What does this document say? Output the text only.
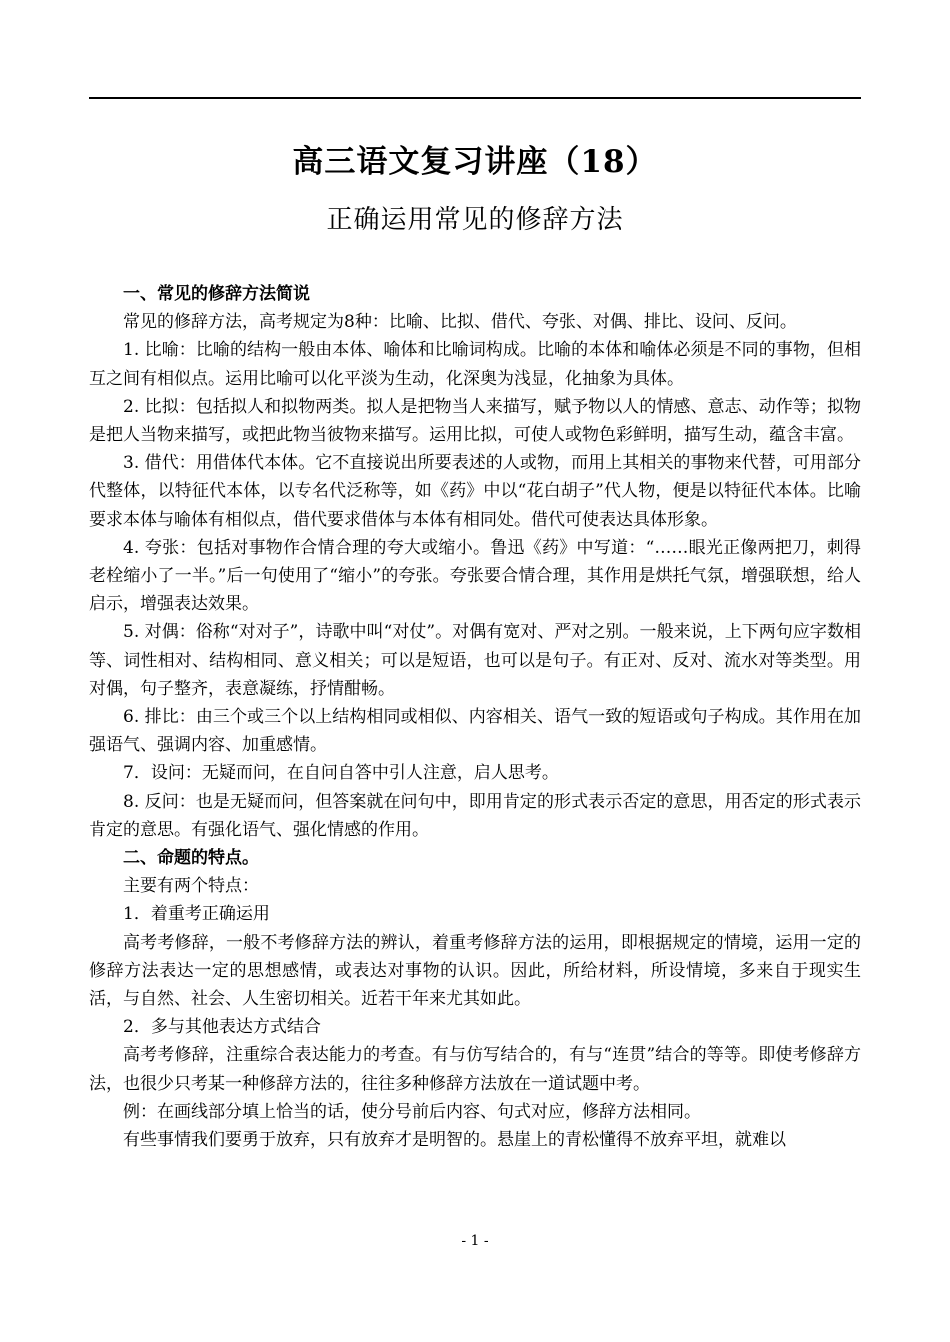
高三语文复习讲座（18）
正确运用常见的修辞方法

一、常见的修辞方法简说

常见的修辞方法，高考规定为8种：比喻、比拟、借代、夸张、对偶、排比、设问、反问。

1. 比喻：比喻的结构一般由本体、喻体和比喻词构成。比喻的本体和喻体必须是不同的事物，但相互之间有相似点。运用比喻可以化平淡为生动，化深奥为浅显，化抽象为具体。

2. 比拟：包括拟人和拟物两类。拟人是把物当人来描写，赋予物以人的情感、意志、动作等；拟物是把人当物来描写，或把此物当彼物来描写。运用比拟，可使人或物色彩鲜明，描写生动，蕴含丰富。

3. 借代：用借体代本体。它不直接说出所要表述的人或物，而用上其相关的事物来代替，可用部分代整体，以特征代本体，以专名代泛称等，如《药》中以“花白胡子”代人物，便是以特征代本体。比喻要求本体与喻体有相似点，借代要求借体与本体有相同处。借代可使表达具体形象。

4. 夸张：包括对事物作合情合理的夸大或缩小。鲁迅《药》中写道：“……眼光正像两把刀，刺得老栓缩小了一半。”后一句使用了“缩小”的夸张。夸张要合情合理，其作用是烘托气氛，增强联想，给人启示，增强表达效果。

5. 对偶：俗称“对对子”，诗歌中叫“对仗”。对偶有宽对、严对之别。一般来说，上下两句应字数相等、词性相对、结构相同、意义相关；可以是短语，也可以是句子。有正对、反对、流水对等类型。用对偶，句子整齐，表意凝练，抒情酣畅。

6. 排比：由三个或三个以上结构相同或相似、内容相关、语气一致的短语或句子构成。其作用在加强语气、强调内容、加重感情。

7．设问：无疑而问，在自问自答中引人注意，启人思考。

8. 反问：也是无疑而问，但答案就在问句中，即用肯定的形式表示否定的意思，用否定的形式表示肯定的意思。有强化语气、强化情感的作用。

二、命题的特点。

主要有两个特点：

1．着重考正确运用

高考考修辞，一般不考修辞方法的辨认，着重考修辞方法的运用，即根据规定的情境，运用一定的修辞方法表达一定的思想感情，或表达对事物的认识。因此，所给材料，所设情境，多来自于现实生活，与自然、社会、人生密切相关。近若干年来尤其如此。

2．多与其他表达方式结合

高考考修辞，注重综合表达能力的考查。有与仿写结合的，有与“连贯”结合的等等。即使考修辞方法，也很少只考某一种修辞方法的，往往多种修辞方法放在一道试题中考。

例：在画线部分填上恰当的话，使分号前后内容、句式对应，修辞方法相同。

有些事情我们要勇于放弃，只有放弃才是明智的。悬崖上的青松懂得不放弃平坦，就难以

- 1 -
